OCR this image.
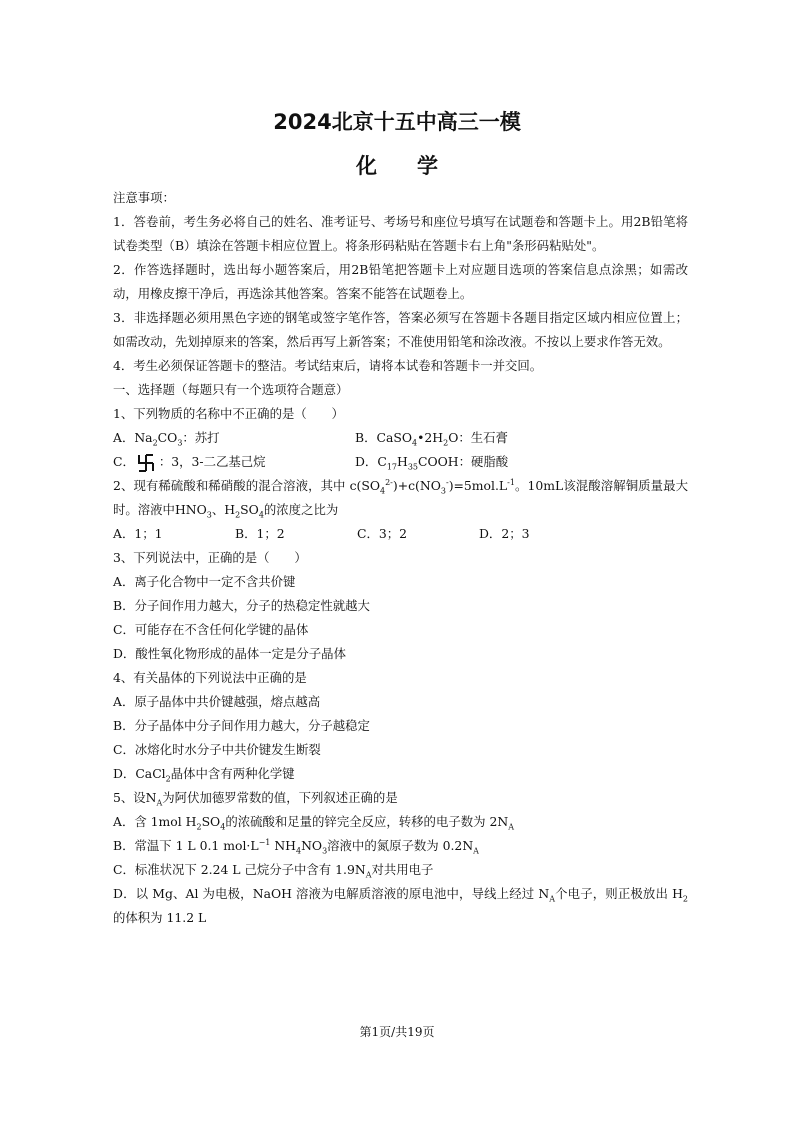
2024北京十五中高三一模
化学
注意事项：
1．答卷前，考生务必将自己的姓名、准考证号、考场号和座位号填写在试题卷和答题卡上。用2B铅笔将试卷类型（B）填涂在答题卡相应位置上。将条形码粘贴在答题卡右上角"条形码粘贴处"。
2．作答选择题时，选出每小题答案后，用2B铅笔把答题卡上对应题目选项的答案信息点涂黑；如需改动，用橡皮擦干净后，再选涂其他答案。答案不能答在试题卷上。
3．非选择题必须用黑色字迹的钢笔或签字笔作答，答案必须写在答题卡各题目指定区域内相应位置上；如需改动，先划掉原来的答案，然后再写上新答案；不准使用铅笔和涂改液。不按以上要求作答无效。
4．考生必须保证答题卡的整洁。考试结束后，请将本试卷和答题卡一并交回。
一、选择题（每题只有一个选项符合题意）
1、下列物质的名称中不正确的是（　　）
A．$Na_2CO_3$：苏打	B．$CaSO_4•2H_2O$：生石膏
C． ：3，3-二乙基己烷	D．$C_{17}H_{35}COOH$：硬脂酸
2、现有稀硫酸和稀硝酸的混合溶液，其中 $c(SO_4^{2-})+c(NO_3^-)=5mol.L^{-1}$。10mL该混酸溶解铜质量最大时。溶液中$HNO_3$、$H_2SO_4$的浓度之比为
A．1；1	B．1；2	C．3；2	D．2；3
3、下列说法中，正确的是（　　）
A．离子化合物中一定不含共价键
B．分子间作用力越大，分子的热稳定性就越大
C．可能存在不含任何化学键的晶体
D．酸性氧化物形成的晶体一定是分子晶体
4、有关晶体的下列说法中正确的是
A．原子晶体中共价键越强，熔点越高
B．分子晶体中分子间作用力越大，分子越稳定
C．冰熔化时水分子中共价键发生断裂
D．CaCl$_2$晶体中含有两种化学键
5、设$N_A$为阿伏加德罗常数的值，下列叙述正确的是
A．含 1mol $H_2SO_4$的浓硫酸和足量的锌完全反应，转移的电子数为 $2N_A$
B．常温下 1 L 0.1 $mol\cdot L^{-1}$ $NH_4NO_3$溶液中的氮原子数为 $0.2N_A$
C．标准状况下 2.24 L 己烷分子中含有 $1.9N_A$对共用电子
D．以 Mg、Al 为电极，NaOH 溶液为电解质溶液的原电池中，导线上经过 $N_A$个电子，则正极放出 $H_2$的体积为 11.2 L
第1页/共19页
